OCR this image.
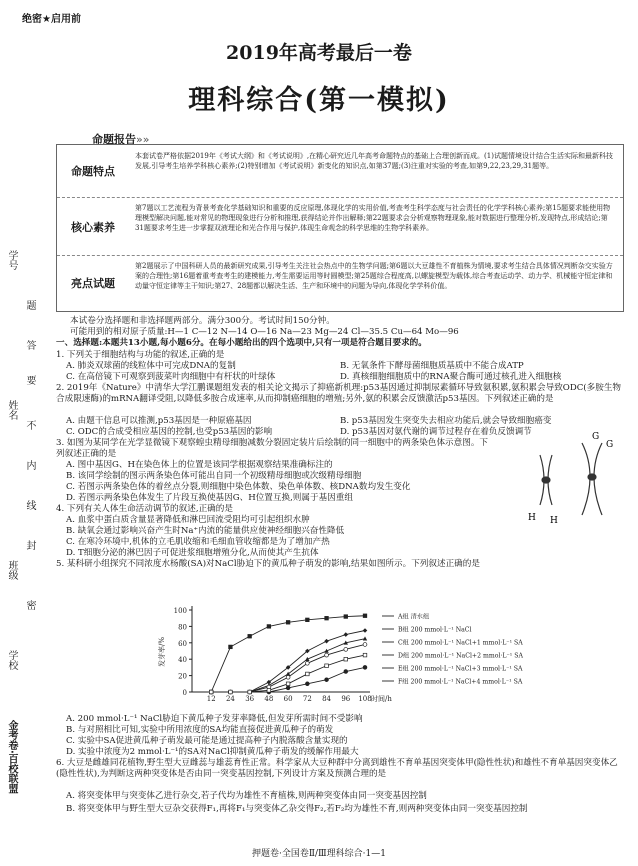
绝密★启用前
2019年高考最后一卷
理科综合(第一模拟)
命题报告»»
命题特点
本套试卷严格依据2019年《考试大纲》和《考试说明》,在精心研究近几年高考命题特点的基础上合理创新而成。(1)试题情境设计结合生活实际和最新科技发展,引导考生培养学科核心素养;(2)特别增加《考试说明》新变化的知识点,如第37题;(3)注重对实验的考查,如第9,22,23,29,31题等。
核心素养
第7题以工艺流程为背景考查化学基础知识和重要的反应原理,体现化学的实用价值,考查考生科学态度与社会责任的化学学科核心素养;第15题要求能使用物理模型解决问题,能对常见的物理现象进行分析和推理,获得结论并作出解释;第22题要求会分析观察物理现象,能对数据进行整理分析,发现特点,形成结论;第31题要求考生进一步掌握双液理论和光合作用与保护,体现生命观念的科学思维的生物学科素养。
亮点试题
第2题展示了中国科研人员的最新研究成果,引导考生关注社会热点中的生物学问题;第6题以大豆雄性不育植株为情境,要求考生结合具体情况判断杂交实验方案的合理性;第16题着重考查考生的建模能力,考生需要运用等时圆模型;第25题综合程度高,以螺旋模型为载体,综合考查运动学、动力学、机械能守恒定律和动量守恒定律等主干知识;第27、28题都以解决生活、生产和环境中的问题为导向,体现化学学科价值。
学号
题
答
要
姓名
不
内
线
封
班级
密
学校
金考卷·百校联盟
本试卷分选择题和非选择题两部分。满分300分。考试时间150分钟。
可能用到的相对原子质量:H—1 C—12 N—14 O—16 Na—23 Mg—24 Cl—35.5 Cu—64 Mo—96
一、选择题:本题共13小题,每小题6分。在每小题给出的四个选项中,只有一项是符合题目要求的。
1. 下列关于细胞结构与功能的叙述,正确的是
A. 肺炎双球菌的线粒体中可完成DNA的复制	B. 无氧条件下酵母菌细胞质基质中不能合成ATP
C. 在高倍镜下可观察到菠菜叶肉细胞中有杆状的叶绿体	D. 真核细胞细胞质中的RNA聚合酶可通过核孔进入细胞核
2. 2019年《Nature》中清华大学江鹏课题组发表的相关论文揭示了抑癌新机理:p53基因通过抑制尿素循环导致氨积累,氨积累会导致ODC(多胺生物合成限速酶)的mRNA翻译受阻,以降低多胺合成速率,从而抑制癌细胞的增殖;另外,氨的积累会反馈激活p53基因。下列叙述正确的是
A. 由题干信息可以推测,p53基因是一种原癌基因	B. p53基因发生突变失去相应功能后,就会导致细胞癌变
C. ODC的合成受相应基因的控制,也受p53基因的影响	D. p53基因对氨代谢的调节过程存在着负反馈调节
3. 如图为某同学在光学显微镜下观察蝗虫精母细胞减数分裂固定装片后绘制的同一细胞中的两条染色体示意图。下列叙述正确的是
A. 图中基因G、H在染色体上的位置是该同学根据观察结果准确标注的
B. 该同学绘制的图示两条染色体可能出自同一个初级精母细胞或次级精母细胞
C. 若图示两条染色体的着丝点分裂,则细胞中染色体数、染色单体数、核DNA数均发生变化
D. 若图示两条染色体发生了片段互换使基因G、H位置互换,则属于基因重组
G
G
H H
4. 下列有关人体生命活动调节的叙述,正确的是
A. 血浆中蛋白质含量显著降低和淋巴回流受阻均可引起组织水肿
B. 缺氧会通过影响兴奋产生时Na⁺内流的能量供应使神经细胞兴奋性降低
C. 在寒冷环境中,机体的立毛肌收缩和毛细血管收缩都是为了增加产热
D. T细胞分泌的淋巴因子可促进浆细胞增殖分化,从而使其产生抗体
5. 某科研小组探究不同浓度水杨酸(SA)对NaCl胁迫下的黄瓜种子萌发的影响,结果如图所示。下列叙述正确的是
0
20
40
60
80
100
12 24 36 48 60 72 84 96 108 时间/h
发芽率/%
A组 清水组
B组 200 mmol·L⁻¹ NaCl
C组 200 mmol·L⁻¹ NaCl+1 mmol·L⁻¹ SA
D组 200 mmol·L⁻¹ NaCl+2 mmol·L⁻¹ SA
E组 200 mmol·L⁻¹ NaCl+3 mmol·L⁻¹ SA
F组 200 mmol·L⁻¹ NaCl+4 mmol·L⁻¹ SA
A. 200 mmol·L⁻¹ NaCl胁迫下黄瓜种子发芽率降低,但发芽所需时间不受影响
B. 与对照相比可知,实验中所用浓度的SA均能直接促进黄瓜种子的萌发
C. 实验中SA促进黄瓜种子萌发最可能是通过提高种子内脱落酸含量实现的
D. 实验中浓度为2 mmol·L⁻¹的SA对NaCl抑制黄瓜种子萌发的缓解作用最大
6. 大豆是雌雄同花植物,野生型大豆雌蕊与雄蕊育性正常。科学家从大豆种群中分离到雄性不育单基因突变体甲(隐性性状)和雄性不育单基因突变体乙(隐性性状),为判断这两种突变体是否由同一突变基因控制,下列设计方案及预测合理的是
A. 将突变体甲与突变体乙进行杂交,若子代均为雄性不育植株,则两种突变体由同一突变基因控制
B. 将突变体甲与野生型大豆杂交获得F₁,再将F₁与突变体乙杂交得F₂,若F₂均为雄性不育,则两种突变体由同一突变基因控制
押题卷·全国卷Ⅱ/Ⅲ理科综合·1—1
